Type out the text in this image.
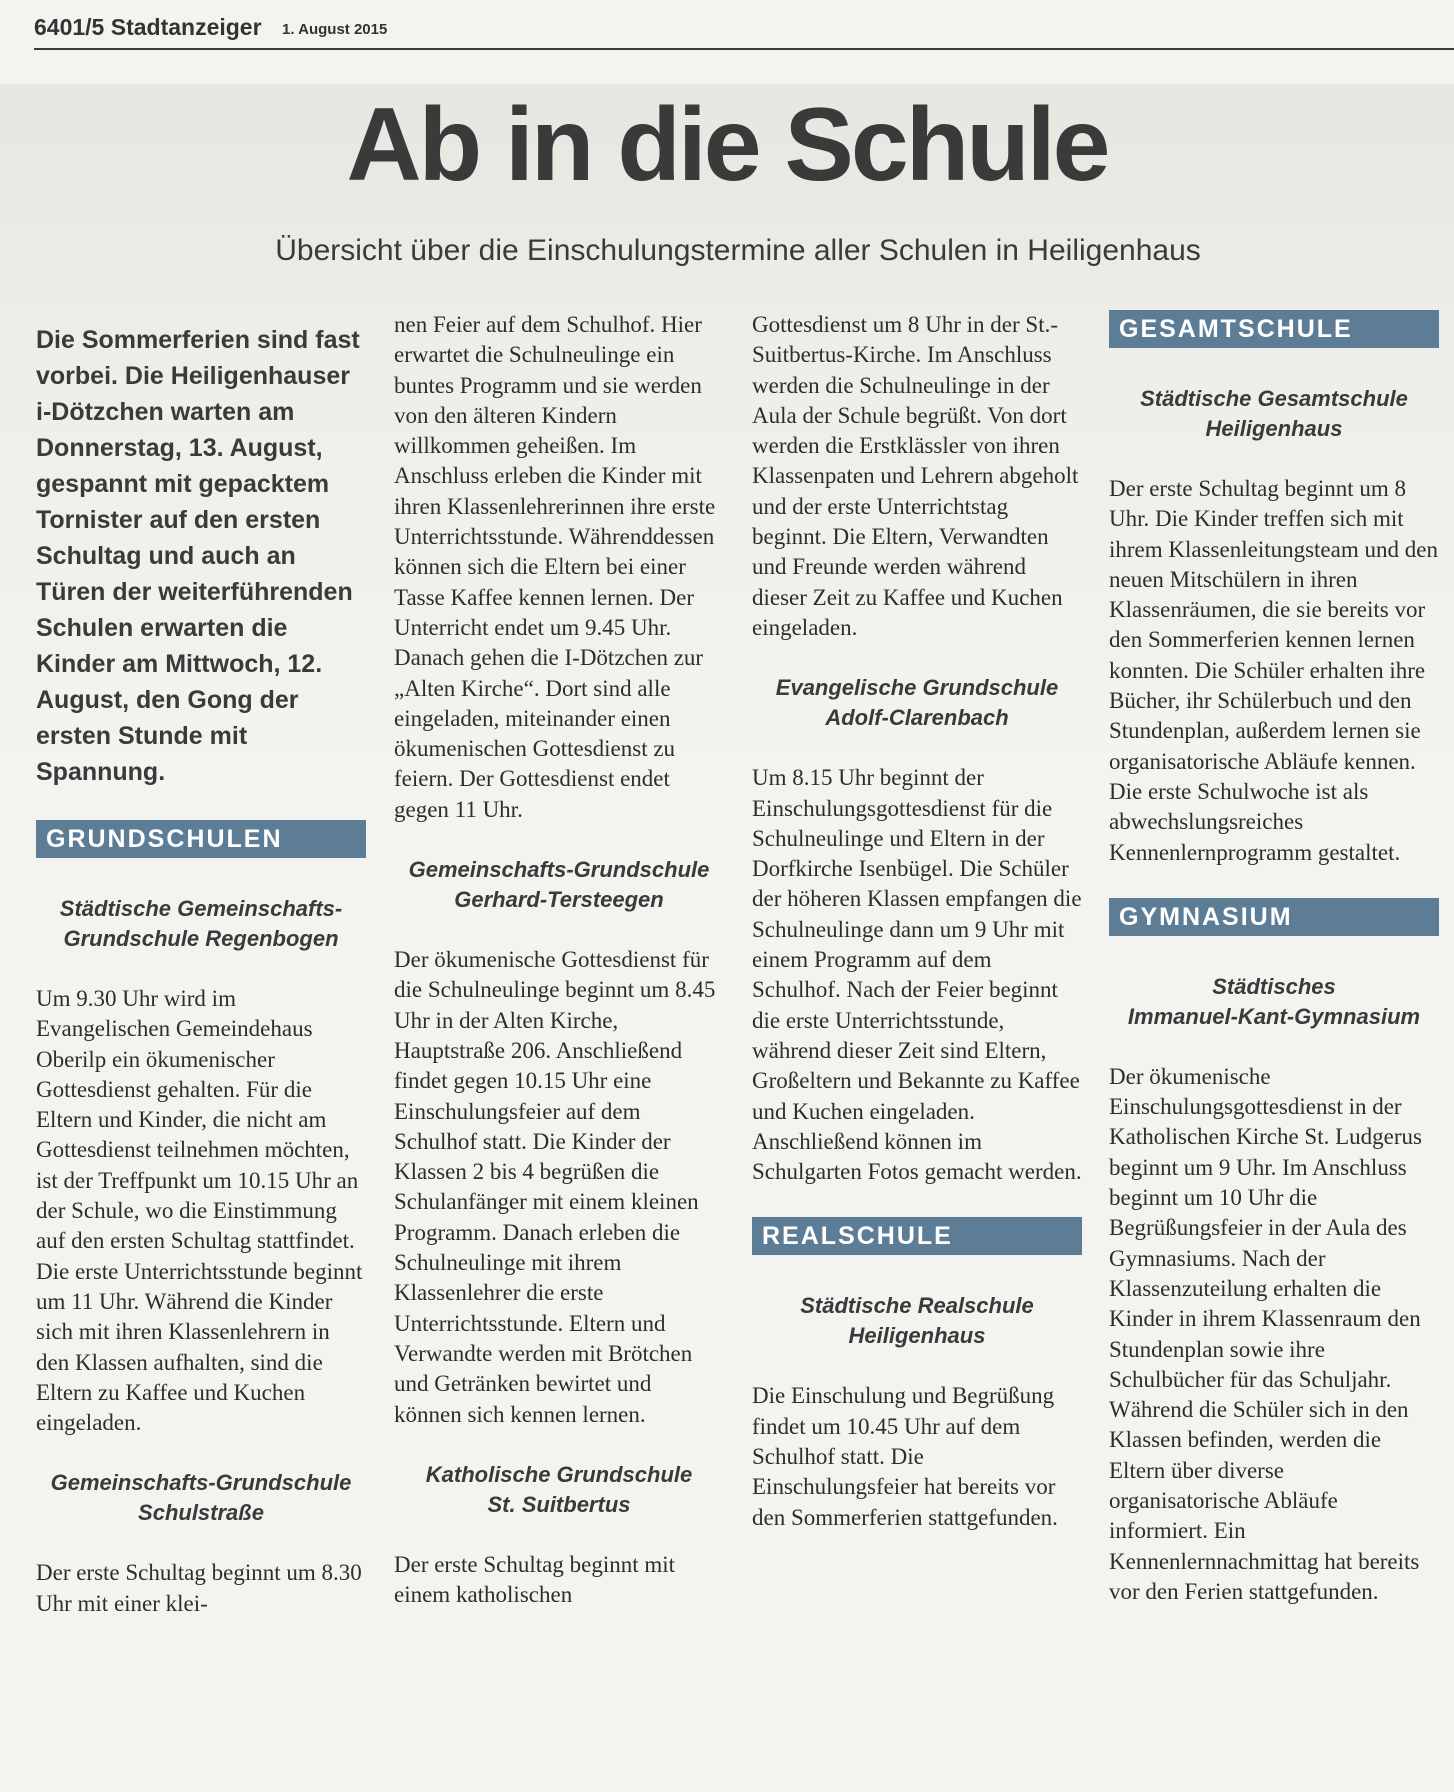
6401/5 Stadtanzeiger 1. August 2015
Ab in die Schule
Übersicht über die Einschulungstermine aller Schulen in Heiligenhaus

Die Sommerferien sind fast vorbei. Die Heiligenhauser i-Dötzchen warten am Donnerstag, 13. August, gespannt mit gepacktem Tornister auf den ersten Schultag und auch an Türen der weiterführenden Schulen erwarten die Kinder am Mittwoch, 12. August, den Gong der ersten Stunde mit Spannung.

GRUNDSCHULEN
Städtische Gemeinschafts-
Grundschule Regenbogen

Um 9.30 Uhr wird im Evangelischen Gemeindehaus Oberilp ein ökumenischer Gottesdienst gehalten. Für die Eltern und Kinder, die nicht am Gottesdienst teilnehmen möchten, ist der Treffpunkt um 10.15 Uhr an der Schule, wo die Einstimmung auf den ersten Schultag stattfindet. Die erste Unterrichtsstunde beginnt um 11 Uhr. Während die Kinder sich mit ihren Klassenlehrern in den Klassen aufhalten, sind die Eltern zu Kaffee und Kuchen eingeladen.

Gemeinschafts-Grundschule
Schulstraße

Der erste Schultag beginnt um 8.30 Uhr mit einer klei-

nen Feier auf dem Schulhof. Hier erwartet die Schulneulinge ein buntes Programm und sie werden von den älteren Kindern willkommen geheißen. Im Anschluss erleben die Kinder mit ihren Klassenlehrerinnen ihre erste Unterrichtsstunde. Währenddessen können sich die Eltern bei einer Tasse Kaffee kennen lernen. Der Unterricht endet um 9.45 Uhr. Danach gehen die I-Dötzchen zur „Alten Kirche“. Dort sind alle eingeladen, miteinander einen ökumenischen Gottesdienst zu feiern. Der Gottesdienst endet gegen 11 Uhr.

Gemeinschafts-Grundschule
Gerhard-Tersteegen

Der ökumenische Gottesdienst für die Schulneulinge beginnt um 8.45 Uhr in der Alten Kirche, Hauptstraße 206. Anschließend findet gegen 10.15 Uhr eine Einschulungsfeier auf dem Schulhof statt. Die Kinder der Klassen 2 bis 4 begrüßen die Schulanfänger mit einem kleinen Programm. Danach erleben die Schulneulinge mit ihrem Klassenlehrer die erste Unterrichtsstunde. Eltern und Verwandte werden mit Brötchen und Getränken bewirtet und können sich kennen lernen.

Katholische Grundschule
St. Suitbertus

Der erste Schultag beginnt mit einem katholischen

Gottesdienst um 8 Uhr in der St.-Suitbertus-Kirche. Im Anschluss werden die Schulneulinge in der Aula der Schule begrüßt. Von dort werden die Erstklässler von ihren Klassenpaten und Lehrern abgeholt und der erste Unterrichtstag beginnt. Die Eltern, Verwandten und Freunde werden während dieser Zeit zu Kaffee und Kuchen eingeladen.

Evangelische Grundschule
Adolf-Clarenbach

Um 8.15 Uhr beginnt der Einschulungsgottesdienst für die Schulneulinge und Eltern in der Dorfkirche Isenbügel. Die Schüler der höheren Klassen empfangen die Schulneulinge dann um 9 Uhr mit einem Programm auf dem Schulhof. Nach der Feier beginnt die erste Unterrichtsstunde, während dieser Zeit sind Eltern, Großeltern und Bekannte zu Kaffee und Kuchen eingeladen. Anschließend können im Schulgarten Fotos gemacht werden.

REALSCHULE
Städtische Realschule
Heiligenhaus

Die Einschulung und Begrüßung findet um 10.45 Uhr auf dem Schulhof statt. Die Einschulungsfeier hat bereits vor den Sommerferien stattgefunden.

GESAMTSCHULE
Städtische Gesamtschule
Heiligenhaus

Der erste Schultag beginnt um 8 Uhr. Die Kinder treffen sich mit ihrem Klassenleitungsteam und den neuen Mitschülern in ihren Klassenräumen, die sie bereits vor den Sommerferien kennen lernen konnten. Die Schüler erhalten ihre Bücher, ihr Schülerbuch und den Stundenplan, außerdem lernen sie organisatorische Abläufe kennen. Die erste Schulwoche ist als abwechslungsreiches Kennenlernprogramm gestaltet.

GYMNASIUM
Städtisches
Immanuel-Kant-Gymnasium

Der ökumenische Einschulungsgottesdienst in der Katholischen Kirche St. Ludgerus beginnt um 9 Uhr. Im Anschluss beginnt um 10 Uhr die Begrüßungsfeier in der Aula des Gymnasiums. Nach der Klassenzuteilung erhalten die Kinder in ihrem Klassenraum den Stundenplan sowie ihre Schulbücher für das Schuljahr. Während die Schüler sich in den Klassen befinden, werden die Eltern über diverse organisatorische Abläufe informiert. Ein Kennenlernnachmittag hat bereits vor den Ferien stattgefunden.
